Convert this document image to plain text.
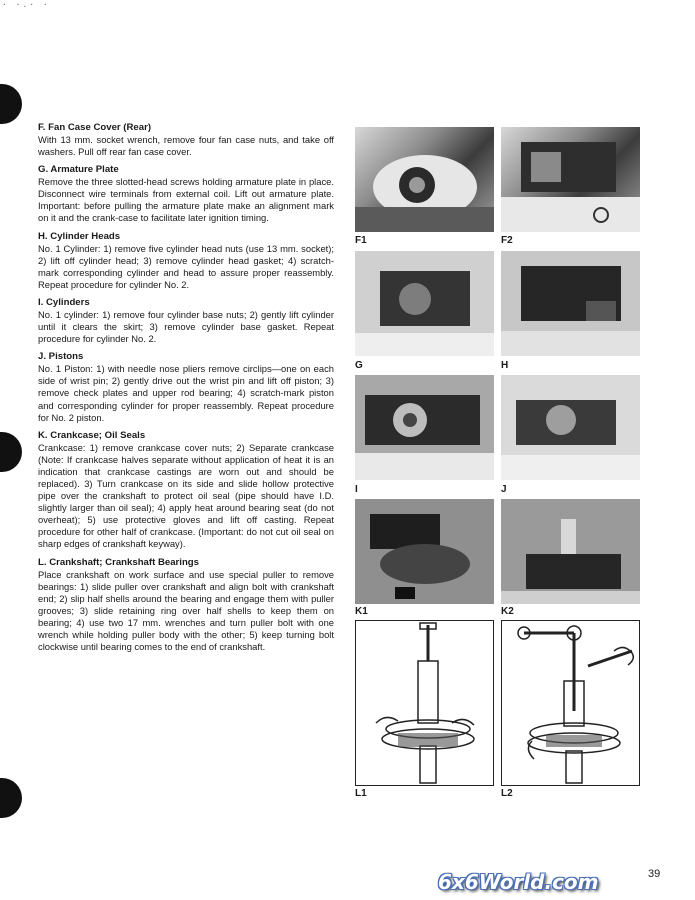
· ·.· ·

F. Fan Case Cover (Rear)

With 13 mm. socket wrench, remove four fan case nuts, and take off washers. Pull off rear fan case cover.

G. Armature Plate

Remove the three slotted-head screws holding armature plate in place. Disconnect wire terminals from external coil. Lift out armature plate. Important: before pulling the armature plate make an alignment mark on it and the crank-case to facilitate later ignition timing.

H. Cylinder Heads

No. 1 Cylinder: 1) remove five cylinder head nuts (use 13 mm. socket); 2) lift off cylinder head; 3) remove cylinder head gasket; 4) scratch-mark corresponding cylinder and head to assure proper reassembly. Repeat procedure for cylinder No. 2.

I. Cylinders

No. 1 cylinder: 1) remove four cylinder base nuts; 2) gently lift cylinder until it clears the skirt; 3) remove cylinder base gasket. Repeat procedure for cylinder No. 2.

J. Pistons

No. 1 Piston: 1) with needle nose pliers remove circlips—one on each side of wrist pin; 2) gently drive out the wrist pin and lift off piston; 3) remove check plates and upper rod bearing; 4) scratch-mark piston and corresponding cylinder for proper reassembly. Repeat procedure for No. 2 piston.

K. Crankcase; Oil Seals

Crankcase: 1) remove crankcase cover nuts; 2) Separate crankcase (Note: If crankcase halves separate without application of heat it is an indication that crankcase castings are worn out and should be replaced). 3) Turn crankcase on its side and slide hollow protective pipe over the crankshaft to protect oil seal (pipe should have I.D. slightly larger than oil seal); 4) apply heat around bearing seat (do not overheat); 5) use protective gloves and lift off casting. Repeat procedure for other half of crankcase. (Important: do not cut oil seal on sharp edges of crankshaft keyway).

L. Crankshaft; Crankshaft Bearings

Place crankshaft on work surface and use special puller to remove bearings: 1) slide puller over crankshaft and align bolt with crankshaft end; 2) slip half shells around the bearing and engage them with puller grooves; 3) slide retaining ring over half shells to keep them on bearing; 4) use two 17 mm. wrenches and turn puller bolt with one wrench while holding puller body with the other; 5) keep turning bolt clockwise until bearing comes to the end of crankshaft.

F1	F2
G	H
I	J
K1	K2
L1	L2
39
6x6World.com
